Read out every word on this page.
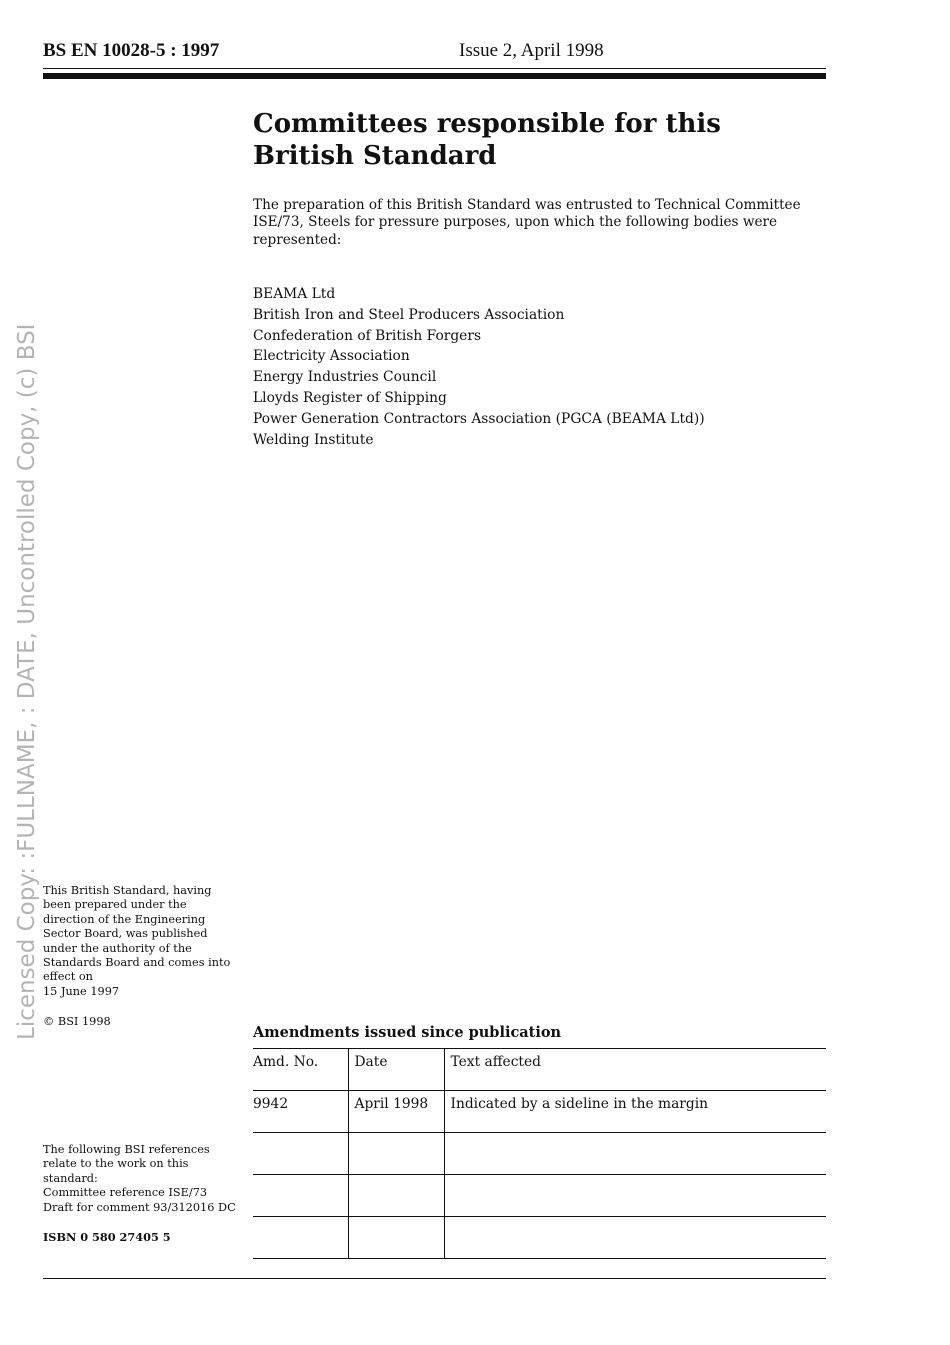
BS EN 10028-5 : 1997	Issue 2, April 1998
Committees responsible for this
British Standard

The preparation of this British Standard was entrusted to Technical Committee ISE/73, Steels for pressure purposes, upon which the following bodies were represented:

BEAMA Ltd
British Iron and Steel Producers Association
Confederation of British Forgers
Electricity Association
Energy Industries Council
Lloyds Register of Shipping
Power Generation Contractors Association (PGCA (BEAMA Ltd))
Welding Institute
Licensed Copy: :FULLNAME, : DATE, Uncontrolled Copy, (c) BSI This British Standard, having been prepared under the direction of the Engineering Sector Board, was published under the authority of the Standards Board and comes into effect on
15 June 1997

© BSI 1998

The following BSI references relate to the work on this standard:
Committee reference ISE/73
Draft for comment 93/312016 DC

ISBN 0 580 27405 5

Amendments issued since publication
Amd. No.	Date	Text affected
9942	April 1998	Indicated by a sideline in the margin
